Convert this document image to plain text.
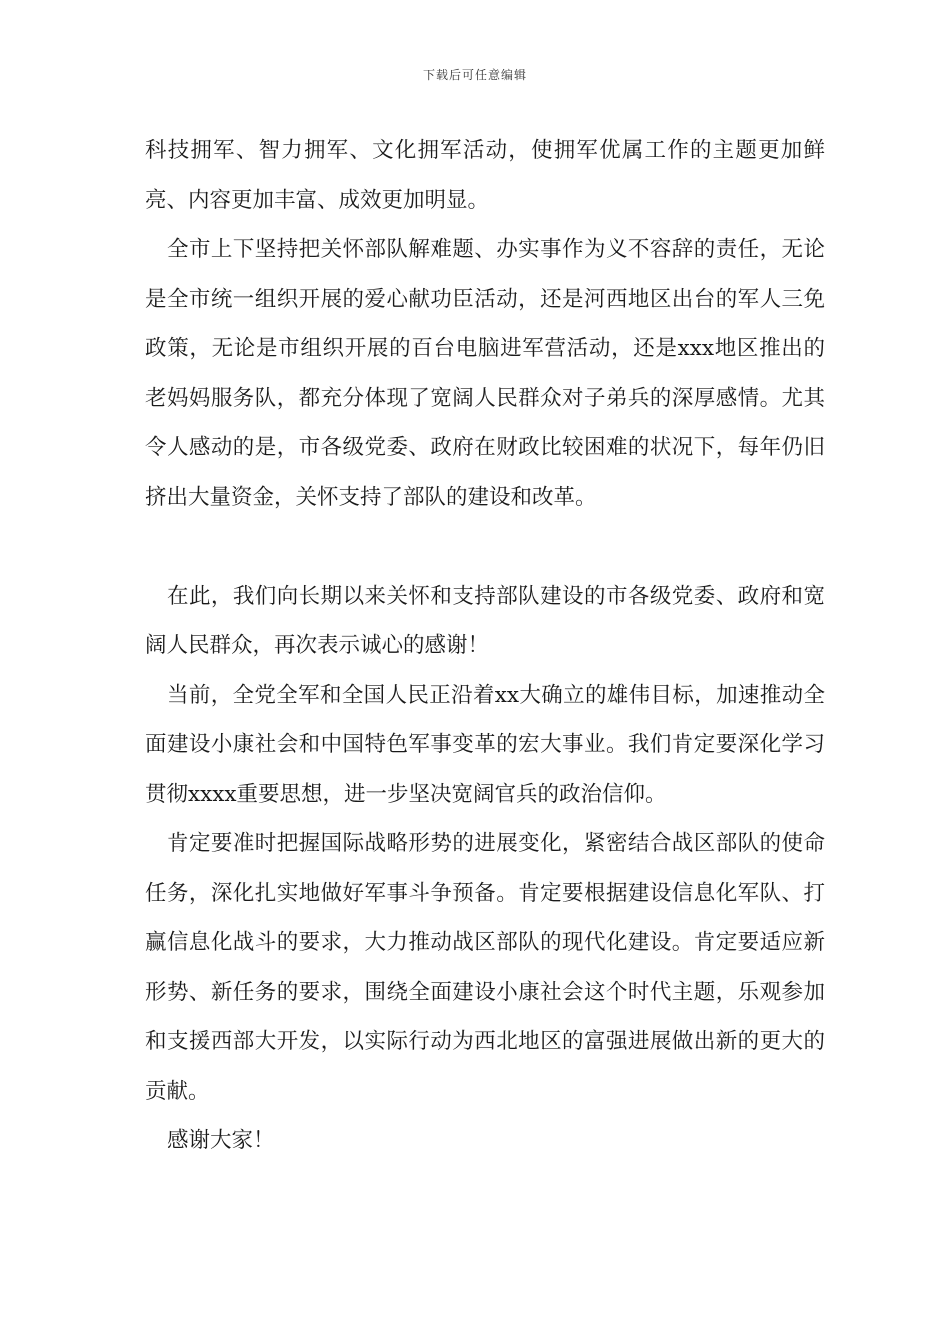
下载后可任意编辑

科技拥军、智力拥军、文化拥军活动，使拥军优属工作的主题更加鲜亮、内容更加丰富、成效更加明显。

全市上下坚持把关怀部队解难题、办实事作为义不容辞的责任，无论是全市统一组织开展的爱心献功臣活动，还是河西地区出台的军人三免政策，无论是市组织开展的百台电脑进军营活动，还是xxx地区推出的老妈妈服务队，都充分体现了宽阔人民群众对子弟兵的深厚感情。尤其令人感动的是，市各级党委、政府在财政比较困难的状况下，每年仍旧挤出大量资金，关怀支持了部队的建设和改革。

在此，我们向长期以来关怀和支持部队建设的市各级党委、政府和宽阔人民群众，再次表示诚心的感谢！

当前，全党全军和全国人民正沿着xx大确立的雄伟目标，加速推动全面建设小康社会和中国特色军事变革的宏大事业。我们肯定要深化学习贯彻xxxx重要思想，进一步坚决宽阔官兵的政治信仰。

肯定要准时把握国际战略形势的进展变化，紧密结合战区部队的使命任务，深化扎实地做好军事斗争预备。肯定要根据建设信息化军队、打赢信息化战斗的要求，大力推动战区部队的现代化建设。肯定要适应新形势、新任务的要求，围绕全面建设小康社会这个时代主题，乐观参加和支援西部大开发，以实际行动为西北地区的富强进展做出新的更大的贡献。

感谢大家！
